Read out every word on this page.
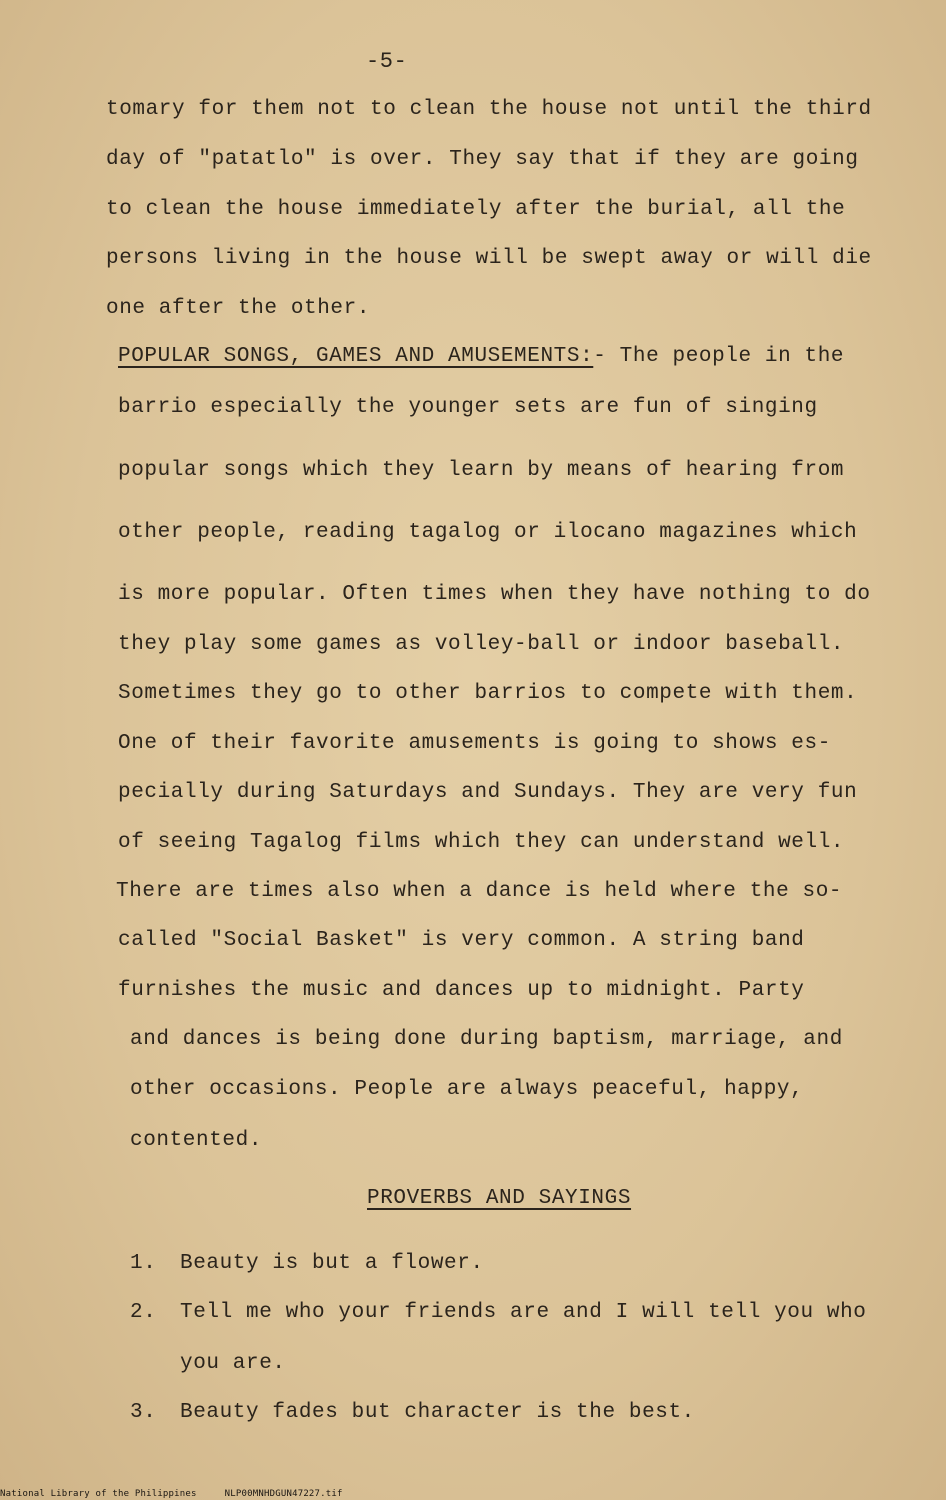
-5-
tomary for them not to clean the house not until the third
day of "patatlo" is over. They say that if they are going
to clean the house immediately after the burial, all the
persons living in the house will be swept away or will die
one after the other.
POPULAR SONGS, GAMES AND AMUSEMENTS:- The people in the
barrio especially the younger sets are fun of singing
popular songs which they learn by means of hearing from
other people, reading tagalog or ilocano magazines which
is more popular. Often times when they have nothing to do
they play some games as volley-ball or indoor baseball.
Sometimes they go to other barrios to compete with them.
One of their favorite amusements is going to shows es-
pecially during Saturdays and Sundays. They are very fun
of seeing Tagalog films which they can understand well.
There are times also when a dance is held where the so-
called "Social Basket" is very common. A string band
furnishes the music and dances up to midnight. Party
and dances is being done during baptism, marriage, and
other occasions. People are always peaceful, happy,
contented.
PROVERBS AND SAYINGS
1. Beauty is but a flower.
2. Tell me who your friends are and I will tell you who
you are.
3. Beauty fades but character is the best.
National Library of the Philippines	NLP00MNHDGUN47227.tif
